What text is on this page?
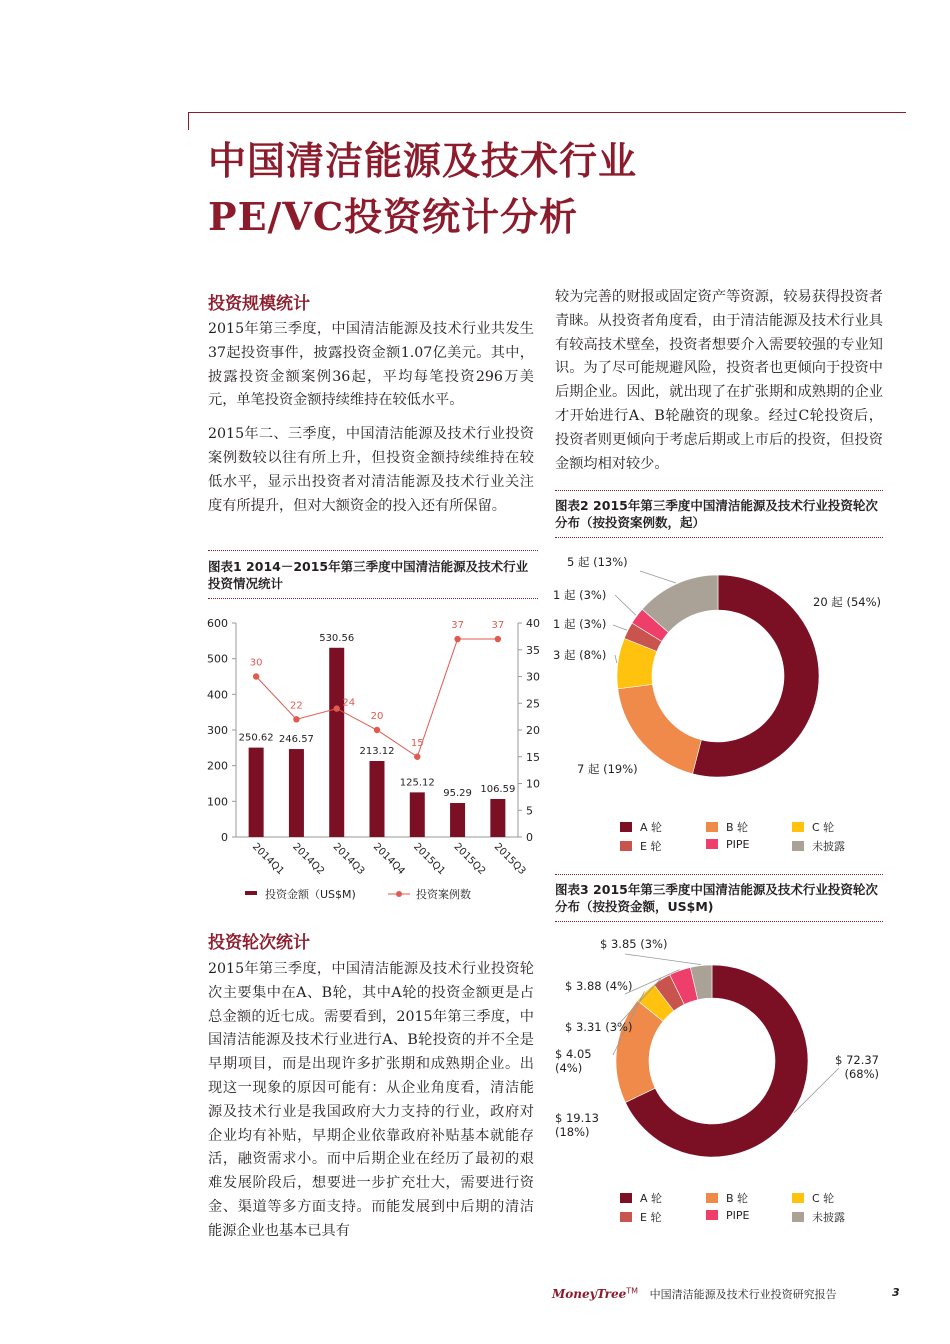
中国清洁能源及技术行业
PE/VC投资统计分析
投资规模统计

2015年第三季度，中国清洁能源及技术行业共发生37起投资事件，披露投资金额1.07亿美元。其中，披露投资金额案例36起，平均每笔投资296万美元，单笔投资金额持续维持在较低水平。

2015年二、三季度，中国清洁能源及技术行业投资案例数较以往有所上升，但投资金额持续维持在较低水平，显示出投资者对清洁能源及技术行业关注度有所提升，但对大额资金的投入还有所保留。

图表1 2014－2015年第三季度中国清洁能源及技术行业投资情况统计
0
100
200
300
400
500
600
0
5
10
15
20
25
30
35
40
2014Q1 2014Q2 2014Q3 2014Q4 2015Q1 2015Q2 2015Q3
250.62 246.57
530.56
213.12
125.12
95.29 106.59
30
22	24
20
15
37	37
投资金额（US$M)	投资案例数
投资轮次统计

2015年第三季度，中国清洁能源及技术行业投资轮次主要集中在A、B轮，其中A轮的投资金额更是占总金额的近七成。需要看到，2015年第三季度，中国清洁能源及技术行业进行A、B轮投资的并不全是早期项目，而是出现许多扩张期和成熟期企业。出现这一现象的原因可能有：从企业角度看，清洁能源及技术行业是我国政府大力支持的行业，政府对企业均有补贴，早期企业依靠政府补贴基本就能存活，融资需求小。而中后期企业在经历了最初的艰难发展阶段后，想要进一步扩充壮大，需要进行资金、渠道等多方面支持。而能发展到中后期的清洁能源企业也基本已具有

较为完善的财报或固定资产等资源，较易获得投资者青睐。从投资者角度看，由于清洁能源及技术行业具有较高技术壁垒，投资者想要介入需要较强的专业知识。为了尽可能规避风险，投资者也更倾向于投资中后期企业。因此，就出现了在扩张期和成熟期的企业才开始进行A、B轮融资的现象。经过C轮投资后，投资者则更倾向于考虑后期或上市后的投资，但投资金额均相对较少。

图表2 2015年第三季度中国清洁能源及技术行业投资轮次分布（按投资案例数，起）
20 起 (54%)
7 起 (19%)
3 起 (8%)
1 起 (3%)
1 起 (3%)
5 起 (13%)
A 轮	B 轮	C 轮
E 轮	PIPE	未披露
图表3 2015年第三季度中国清洁能源及技术行业投资轮次分布（按投资金额，US$M)
$ 72.37
(68%)
$ 19.13
(18%)
$ 4.05
(4%)
$ 3.31 (3%)
$ 3.88 (4%)
$ 3.85 (3%)
A 轮	B 轮	C 轮
E 轮	PIPE	未披露
MoneyTree™ 中国清洁能源及技术行业投资研究报告	3
